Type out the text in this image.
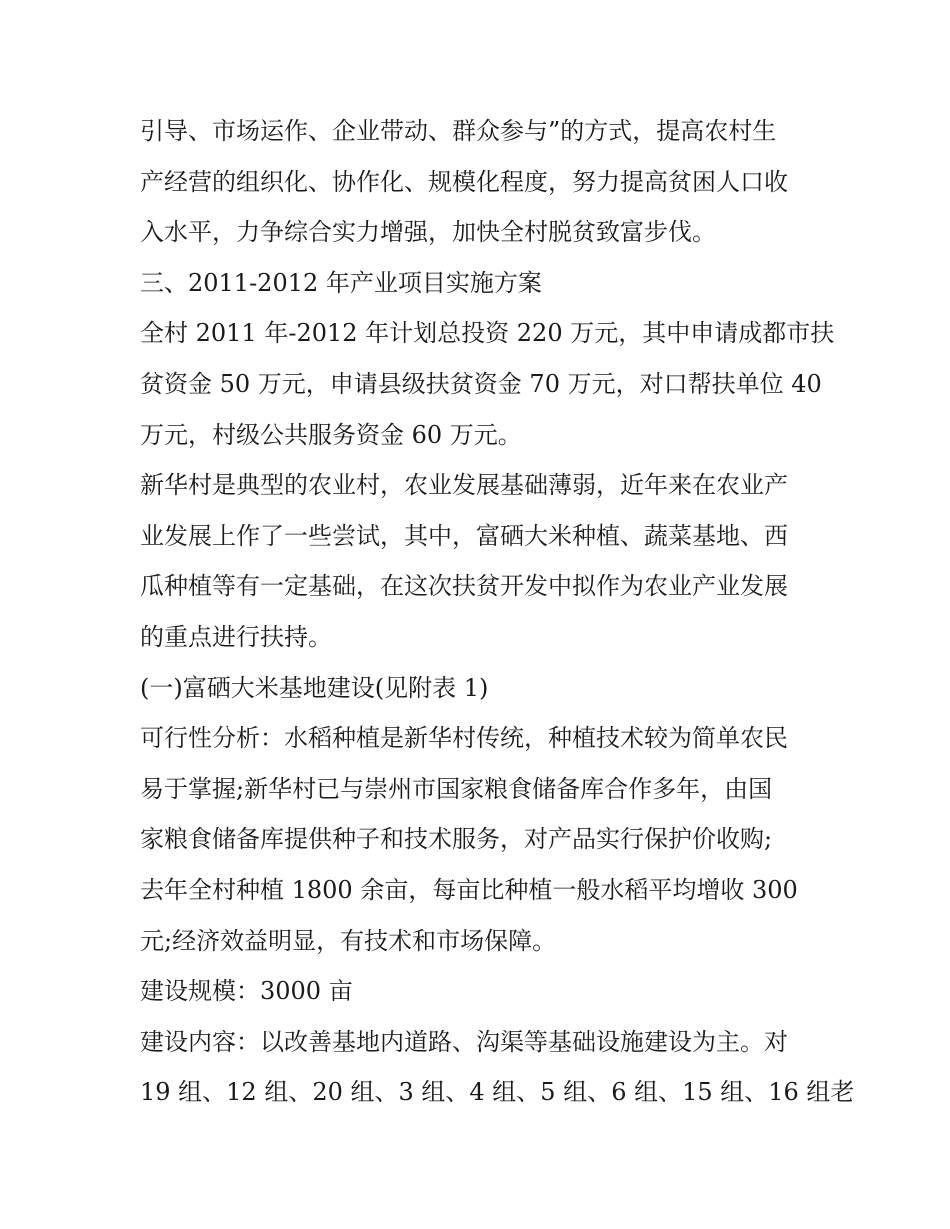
引导、市场运作、企业带动、群众参与”的方式，提高农村生
产经营的组织化、协作化、规模化程度，努力提高贫困人口收
入水平，力争综合实力增强，加快全村脱贫致富步伐。
三、2011-2012 年产业项目实施方案
全村 2011 年-2012 年计划总投资 220 万元，其中申请成都市扶
贫资金 50 万元，申请县级扶贫资金 70 万元，对口帮扶单位 40
万元，村级公共服务资金 60 万元。
新华村是典型的农业村，农业发展基础薄弱，近年来在农业产
业发展上作了一些尝试，其中，富硒大米种植、蔬菜基地、西
瓜种植等有一定基础，在这次扶贫开发中拟作为农业产业发展
的重点进行扶持。
(一)富硒大米基地建设(见附表 1)
可行性分析：水稻种植是新华村传统，种植技术较为简单农民
易于掌握;新华村已与崇州市国家粮食储备库合作多年，由国
家粮食储备库提供种子和技术服务，对产品实行保护价收购;
去年全村种植 1800 余亩，每亩比种植一般水稻平均增收 300
元;经济效益明显，有技术和市场保障。
建设规模：3000 亩
建设内容：以改善基地内道路、沟渠等基础设施建设为主。对
19 组、12 组、20 组、3 组、4 组、5 组、6 组、15 组、16 组老
